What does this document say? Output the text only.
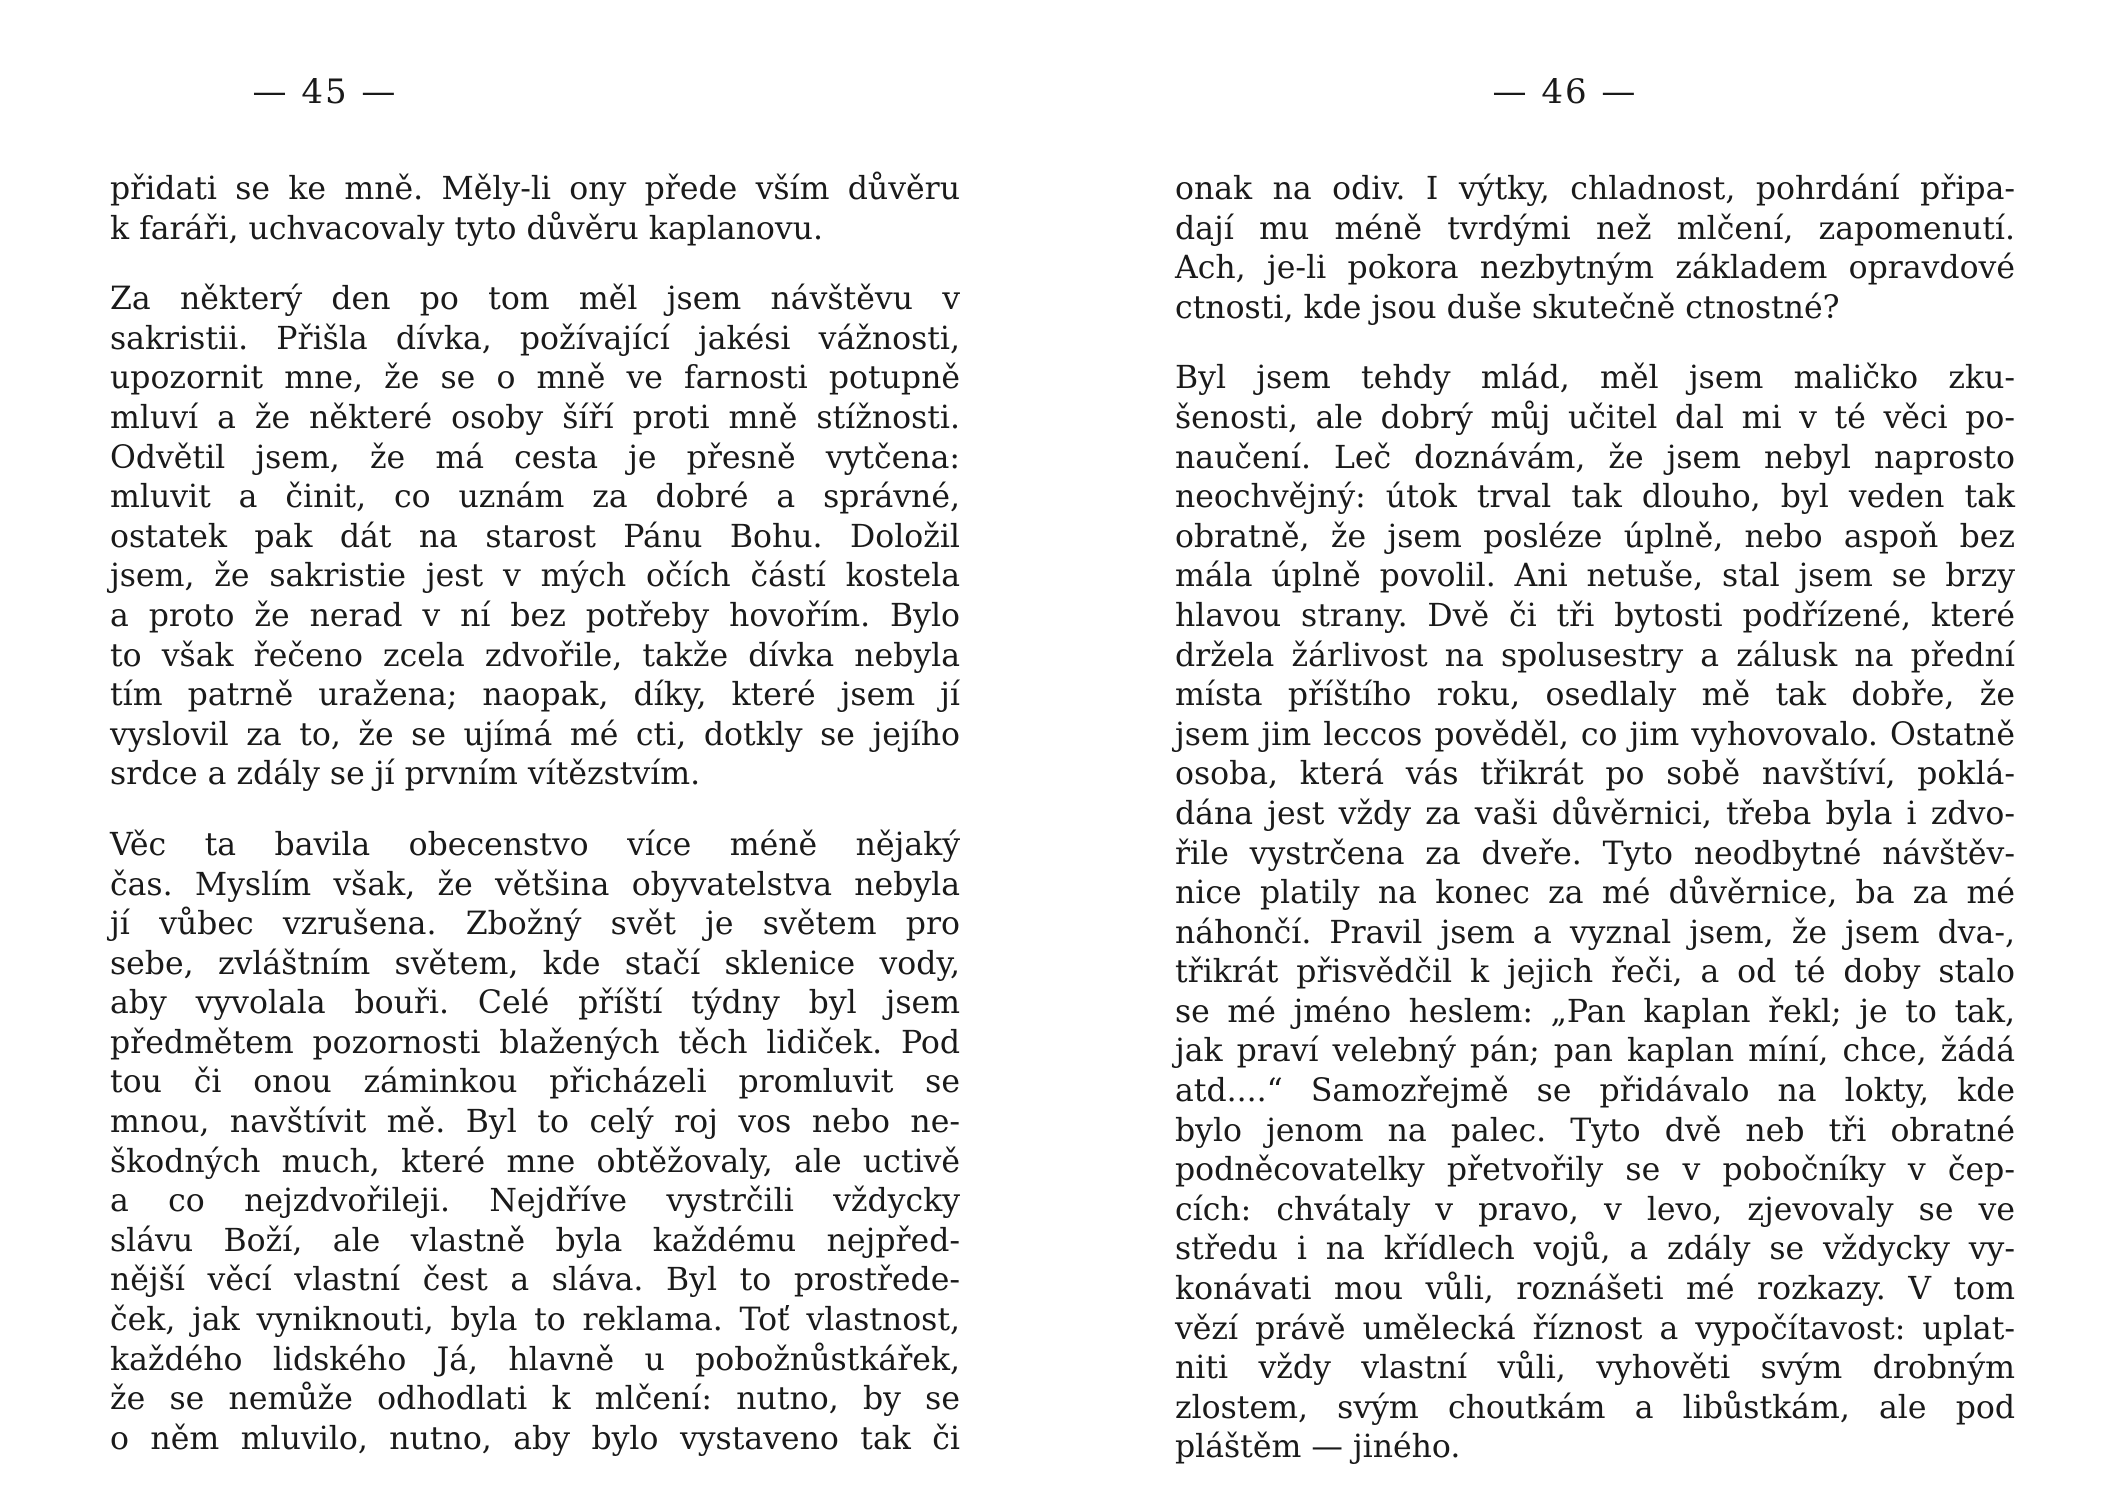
— 45 —
přidati se ke mně. Měly-li ony přede vším důvěru
k faráři, uchvacovaly tyto důvěru kaplanovu.
Za některý den po tom měl jsem návštěvu v
sakristii. Přišla dívka, požívající jakési vážnosti,
upozornit mne, že se o mně ve farnosti potupně
mluví a že některé osoby šíří proti mně stížnosti.
Odvětil jsem, že má cesta je přesně vytčena:
mluvit a činit, co uznám za dobré a správné,
ostatek pak dát na starost Pánu Bohu. Doložil
jsem, že sakristie jest v mých očích částí kostela
a proto že nerad v ní bez potřeby hovořím. Bylo
to však řečeno zcela zdvořile, takže dívka nebyla
tím patrně uražena; naopak, díky, které jsem jí
vyslovil za to, že se ujímá mé cti, dotkly se jejího
srdce a zdály se jí prvním vítězstvím.
Věc ta bavila obecenstvo více méně nějaký
čas. Myslím však, že většina obyvatelstva nebyla
jí vůbec vzrušena. Zbožný svět je světem pro
sebe, zvláštním světem, kde stačí sklenice vody,
aby vyvolala bouři. Celé příští týdny byl jsem
předmětem pozornosti blažených těch lidiček. Pod
tou či onou záminkou přicházeli promluvit se
mnou, navštívit mě. Byl to celý roj vos nebo ne-
škodných much, které mne obtěžovaly, ale uctivě
a co nejzdvořileji. Nejdříve vystrčili vždycky
slávu Boží, ale vlastně byla každému nejpřed-
nější věcí vlastní čest a sláva. Byl to prostřede-
ček, jak vyniknouti, byla to reklama. Toť vlastnost,
každého lidského Já, hlavně u pobožnůstkářek,
že se nemůže odhodlati k mlčení: nutno, by se
o něm mluvilo, nutno, aby bylo vystaveno tak či
— 46 —
onak na odiv. I výtky, chladnost, pohrdání připa-
dají mu méně tvrdými než mlčení, zapomenutí.
Ach, je-li pokora nezbytným základem opravdové
ctnosti, kde jsou duše skutečně ctnostné?
Byl jsem tehdy mlád, měl jsem maličko zku-
šenosti, ale dobrý můj učitel dal mi v té věci po-
naučení. Leč doznávám, že jsem nebyl naprosto
neochvějný: útok trval tak dlouho, byl veden tak
obratně, že jsem posléze úplně, nebo aspoň bez
mála úplně povolil. Ani netuše, stal jsem se brzy
hlavou strany. Dvě či tři bytosti podřízené, které
držela žárlivost na spolusestry a zálusk na přední
místa příštího roku, osedlaly mě tak dobře, že
jsem jim leccos pověděl, co jim vyhovovalo. Ostatně
osoba, která vás třikrát po sobě navštíví, poklá-
dána jest vždy za vaši důvěrnici, třeba byla i zdvo-
řile vystrčena za dveře. Tyto neodbytné návštěv-
nice platily na konec za mé důvěrnice, ba za mé
náhončí. Pravil jsem a vyznal jsem, že jsem dva-,
třikrát přisvědčil k jejich řeči, a od té doby stalo
se mé jméno heslem: „Pan kaplan řekl; je to tak,
jak praví velebný pán; pan kaplan míní, chce, žádá
atd....“ Samozřejmě se přidávalo na lokty, kde
bylo jenom na palec. Tyto dvě neb tři obratné
podněcovatelky přetvořily se v pobočníky v čep-
cích: chvátaly v pravo, v levo, zjevovaly se ve
středu i na křídlech vojů, a zdály se vždycky vy-
konávati mou vůli, roznášeti mé rozkazy. V tom
vězí právě umělecká říznost a vypočítavost: uplat-
niti vždy vlastní vůli, vyhověti svým drobným
zlostem, svým choutkám a libůstkám, ale pod
pláštěm — jiného.
